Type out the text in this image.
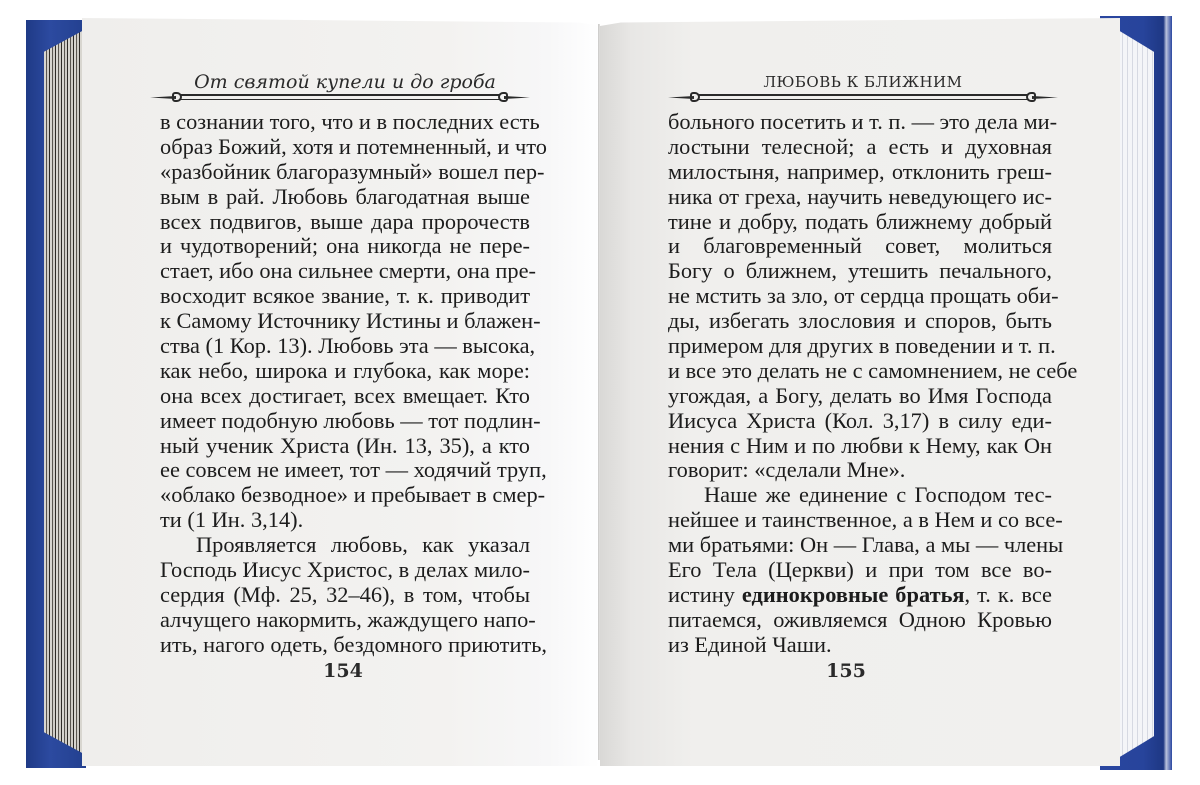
От святой купели и до гроба	ЛЮБОВЬ К БЛИЖНИМ
в сознании того, что и в последних есть
образ Божий, хотя и потемненный, и что
«разбойник благоразумный» вошел пер-
вым в рай. Любовь благодатная выше
всех подвигов, выше дара пророчеств
и чудотворений; она никогда не пере-
стает, ибо она сильнее смерти, она пре-
восходит всякое звание, т. к. приводит
к Самому Источнику Истины и блажен-
ства (1 Кор. 13). Любовь эта — высока,
как небо, широка и глубока, как море:
она всех достигает, всех вмещает. Кто
имеет подобную любовь — тот подлин-
ный ученик Христа (Ин. 13, 35), а кто
ее совсем не имеет, тот — ходячий труп,
«облако безводное» и пребывает в смер-
ти (1 Ин. 3,14).
Проявляется любовь, как указал
Господь Иисус Христос, в делах мило-
сердия (Мф. 25, 32–46), в том, чтобы
алчущего накормить, жаждущего напо-
ить, нагого одеть, бездомного приютить,
больного посетить и т. п. — это дела ми-
лостыни телесной; а есть и духовная
милостыня, например, отклонить греш-
ника от греха, научить неведующего ис-
тине и добру, подать ближнему добрый
и благовременный совет, молиться
Богу о ближнем, утешить печального,
не мстить за зло, от сердца прощать оби-
ды, избегать злословия и споров, быть
примером для других в поведении и т. п.
и все это делать не с самомнением, не себе
угождая, а Богу, делать во Имя Господа
Иисуса Христа (Кол. 3,17) в силу еди-
нения с Ним и по любви к Нему, как Он
говорит: «сделали Мне».
Наше же единение с Господом тес-
нейшее и таинственное, а в Нем и со все-
ми братьями: Он — Глава, а мы — члены
Его Тела (Церкви) и при том все во-
истину единокровные братья, т. к. все
питаемся, оживляемся Одною Кровью
из Единой Чаши.
154	155
